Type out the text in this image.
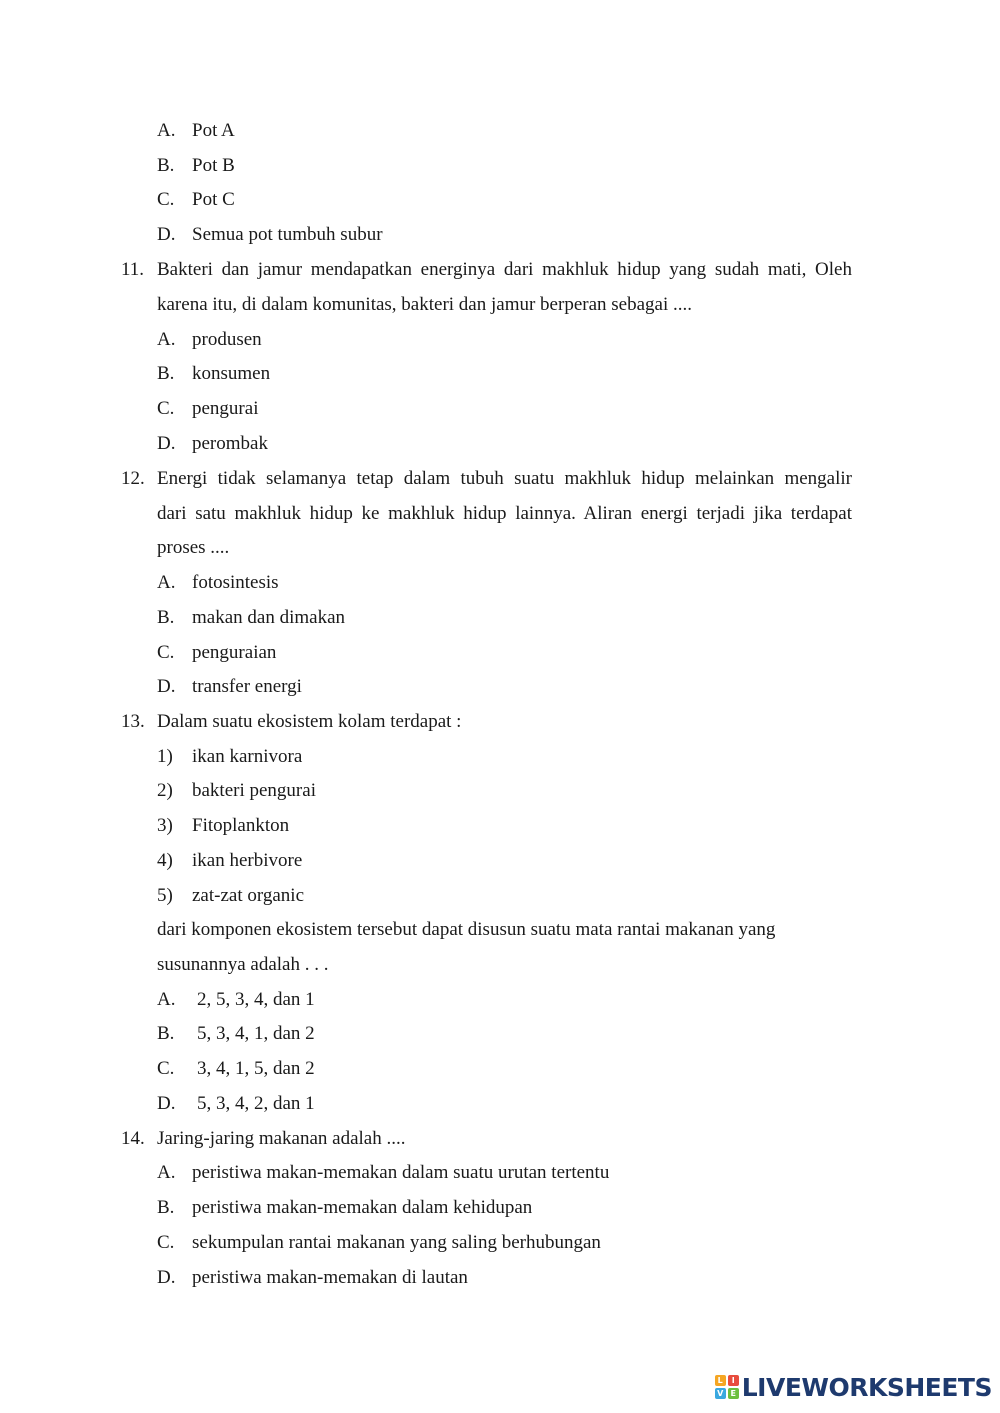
A. Pot A
B. Pot B
C. Pot C
D. Semua pot tumbuh subur
11. Bakteri dan jamur mendapatkan energinya dari makhluk hidup yang sudah mati, Oleh
karena itu, di dalam komunitas, bakteri dan jamur berperan sebagai ....
A. produsen
B. konsumen
C. pengurai
D. perombak
12. Energi tidak selamanya tetap dalam tubuh suatu makhluk hidup melainkan mengalir
dari satu makhluk hidup ke makhluk hidup lainnya. Aliran energi terjadi jika terdapat
proses ....
A. fotosintesis
B. makan dan dimakan
C. penguraian
D. transfer energi
13. Dalam suatu ekosistem kolam terdapat :
1) ikan karnivora
2) bakteri pengurai
3) Fitoplankton
4) ikan herbivore
5) zat-zat organic
dari komponen ekosistem tersebut dapat disusun suatu mata rantai makanan yang
susunannya adalah . . .
A. 2, 5, 3, 4, dan 1
B. 5, 3, 4, 1, dan 2
C. 3, 4, 1, 5, dan 2
D. 5, 3, 4, 2, dan 1
14. Jaring-jaring makanan adalah ....
A. peristiwa makan-memakan dalam suatu urutan tertentu
B. peristiwa makan-memakan dalam kehidupan
C. sekumpulan rantai makanan yang saling berhubungan
D. peristiwa makan-memakan di lautan
L	I
V E LIVEWORKSHEETS
